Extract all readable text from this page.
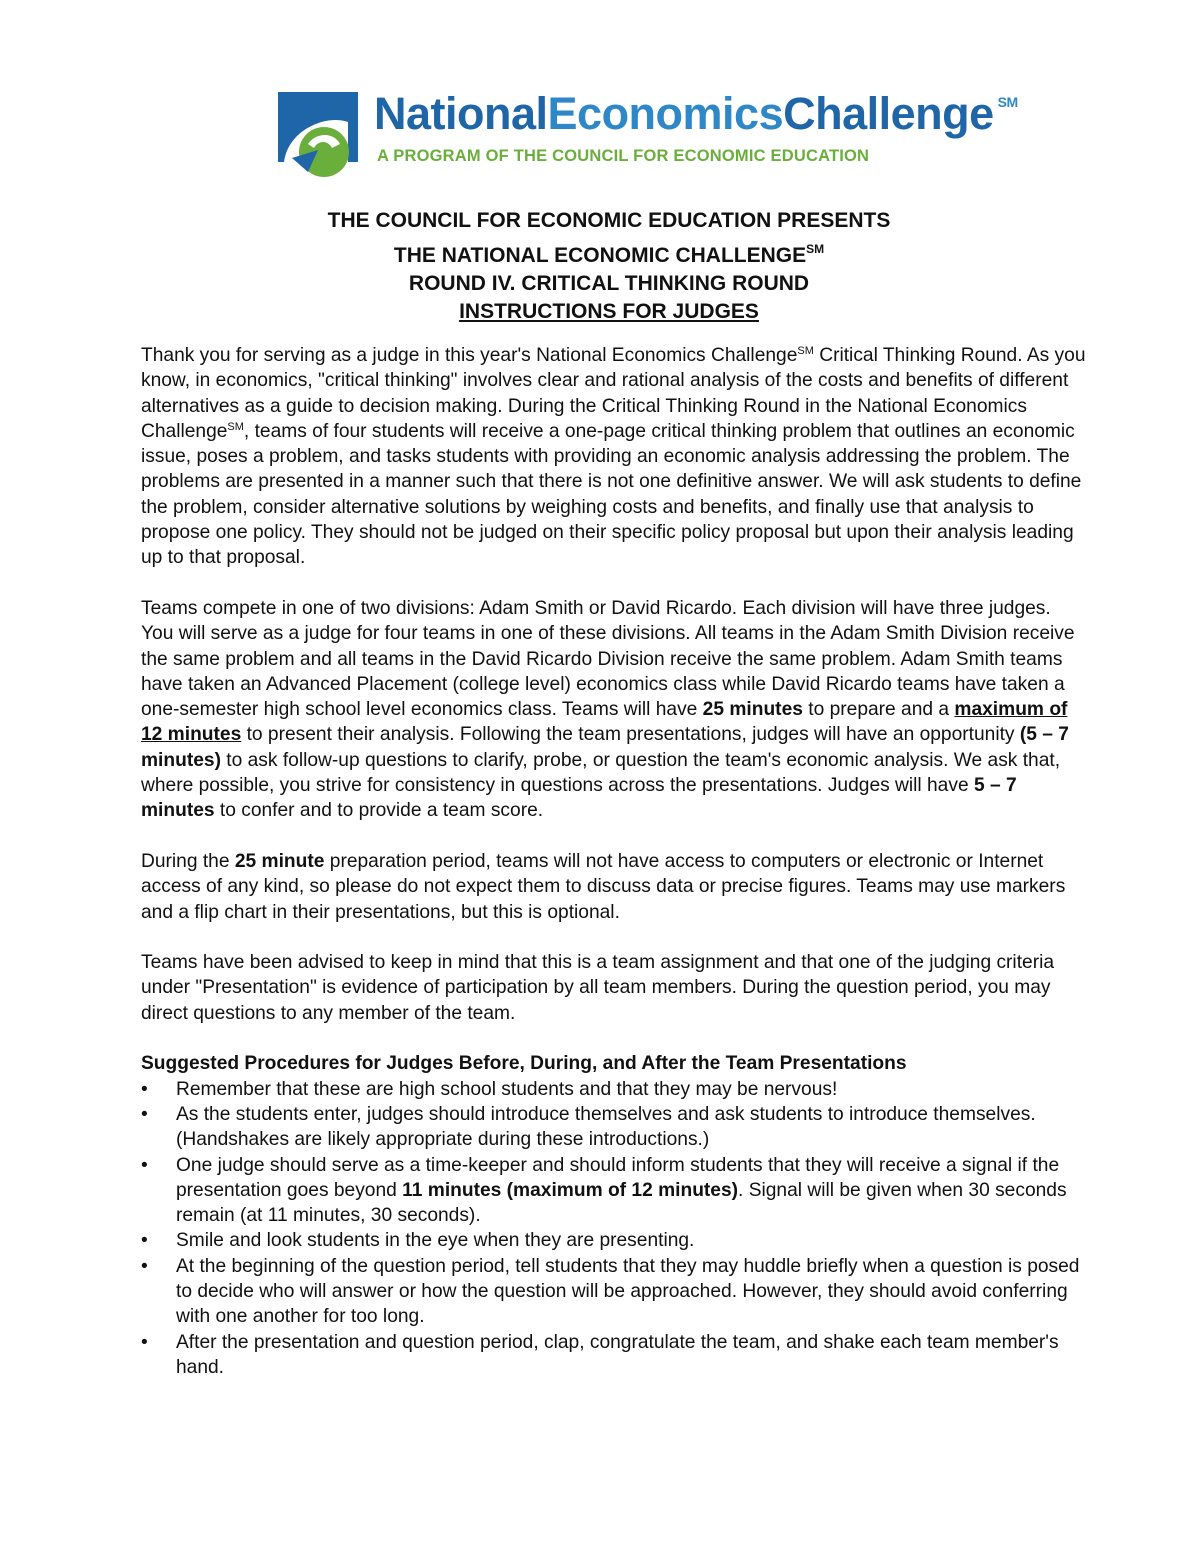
NationalEconomicsChallenge ℠
A PROGRAM OF THE COUNCIL FOR ECONOMIC EDUCATION
THE COUNCIL FOR ECONOMIC EDUCATION PRESENTS
THE NATIONAL ECONOMIC CHALLENGE℠
ROUND IV. CRITICAL THINKING ROUND
INSTRUCTIONS FOR JUDGES

Thank you for serving as a judge in this year's National Economics Challenge℠ Critical Thinking Round. As you know, in economics, "critical thinking" involves clear and rational analysis of the costs and benefits of different alternatives as a guide to decision making. During the Critical Thinking Round in the National Economics Challenge℠, teams of four students will receive a one-page critical thinking problem that outlines an economic issue, poses a problem, and tasks students with providing an economic analysis addressing the problem. The problems are presented in a manner such that there is not one definitive answer. We will ask students to define the problem, consider alternative solutions by weighing costs and benefits, and finally use that analysis to propose one policy. They should not be judged on their specific policy proposal but upon their analysis leading up to that proposal.

Teams compete in one of two divisions: Adam Smith or David Ricardo. Each division will have three judges. You will serve as a judge for four teams in one of these divisions. All teams in the Adam Smith Division receive the same problem and all teams in the David Ricardo Division receive the same problem. Adam Smith teams have taken an Advanced Placement (college level) economics class while David Ricardo teams have taken a one-semester high school level economics class. Teams will have 25 minutes to prepare and a maximum of 12 minutes to present their analysis. Following the team presentations, judges will have an opportunity (5 – 7 minutes) to ask follow-up questions to clarify, probe, or question the team's economic analysis. We ask that, where possible, you strive for consistency in questions across the presentations. Judges will have 5 – 7 minutes to confer and to provide a team score.

During the 25 minute preparation period, teams will not have access to computers or electronic or Internet access of any kind, so please do not expect them to discuss data or precise figures. Teams may use markers and a flip chart in their presentations, but this is optional.

Teams have been advised to keep in mind that this is a team assignment and that one of the judging criteria under "Presentation" is evidence of participation by all team members. During the question period, you may direct questions to any member of the team.

Suggested Procedures for Judges Before, During, and After the Team Presentations
• Remember that these are high school students and that they may be nervous!
• As the students enter, judges should introduce themselves and ask students to introduce themselves. (Handshakes are likely appropriate during these introductions.)
• One judge should serve as a time-keeper and should inform students that they will receive a signal if the presentation goes beyond 11 minutes (maximum of 12 minutes). Signal will be given when 30 seconds remain (at 11 minutes, 30 seconds).
• Smile and look students in the eye when they are presenting.
• At the beginning of the question period, tell students that they may huddle briefly when a question is posed to decide who will answer or how the question will be approached. However, they should avoid conferring with one another for too long.
• After the presentation and question period, clap, congratulate the team, and shake each team member's hand.
